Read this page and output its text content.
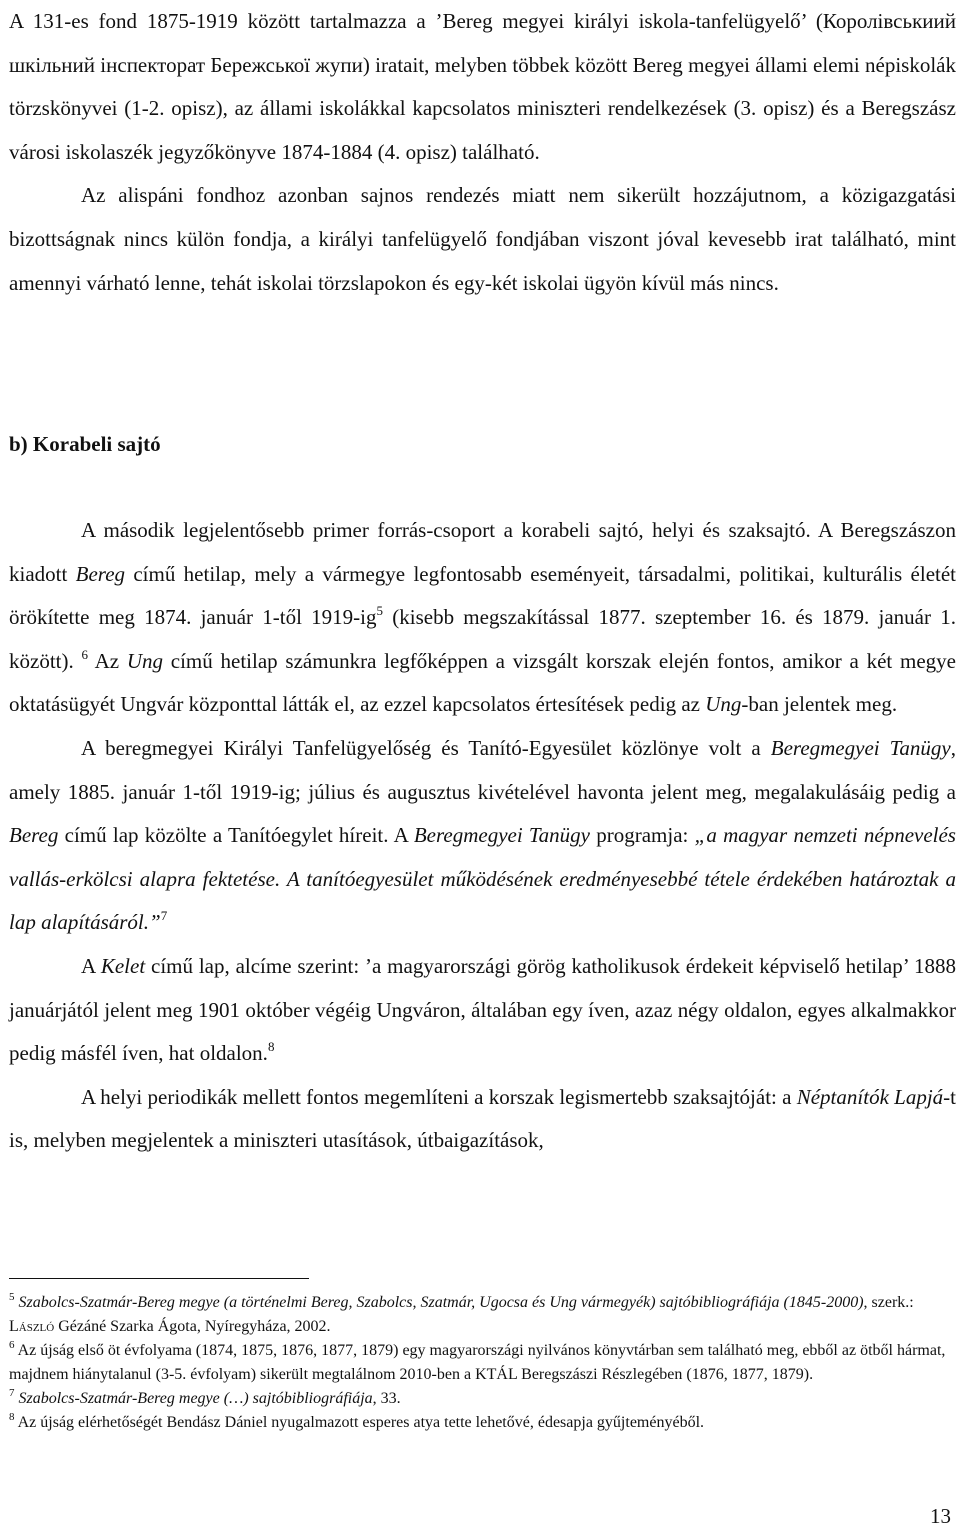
A 131-es fond 1875-1919 között tartalmazza a ’Bereg megyei királyi iskola-tanfelügyelő’ (Королівськиий шкільний інспекторат Бережської жупи) iratait, melyben többek között Bereg megyei állami elemi népiskolák törzskönyvei (1-2. opisz), az állami iskolákkal kapcsolatos miniszteri rendelkezések (3. opisz) és a Beregszász városi iskolaszék jegyzőkönyve 1874-1884 (4. opisz) található.
Az alispáni fondhoz azonban sajnos rendezés miatt nem sikerült hozzájutnom, a közigazgatási bizottságnak nincs külön fondja, a királyi tanfelügyelő fondjában viszont jóval kevesebb irat található, mint amennyi várható lenne, tehát iskolai törzslapokon és egy-két iskolai ügyön kívül más nincs.

b) Korabeli sajtó

A második legjelentősebb primer forrás-csoport a korabeli sajtó, helyi és szaksajtó. A Beregszászon kiadott Bereg című hetilap, mely a vármegye legfontosabb eseményeit, társadalmi, politikai, kulturális életét örökítette meg 1874. január 1-től $1919-ig^5$ (kisebb megszakítással 1877. szeptember 16. és 1879. január 1. között). $^6$ Az Ung című hetilap számunkra legfőképpen a vizsgált korszak elején fontos, amikor a két megye oktatásügyét Ungvár központtal látták el, az ezzel kapcsolatos értesítések pedig az Ung-ban jelentek meg.
A beregmegyei Királyi Tanfelügyelőség és Tanító-Egyesület közlönye volt a Beregmegyei Tanügy, amely 1885. január 1-től 1919-ig; július és augusztus kivételével havonta jelent meg, megalakulásáig pedig a Bereg című lap közölte a Tanítóegylet híreit. A Beregmegyei Tanügy programja: „a magyar nemzeti népnevelés vallás-erkölcsi alapra fektetése. A tanítóegyesület működésének eredményesebbé tétele érdekében határoztak a lap alapításáról.”$^7$
A Kelet című lap, alcíme szerint: ’a magyarországi görög katholikusok érdekeit képviselő hetilap’ 1888 januárjától jelent meg 1901 október végéig Ungváron, általában egy íven, azaz négy oldalon, egyes alkalmakkor pedig másfél íven, hat oldalon.$^8$
A helyi periodikák mellett fontos megemlíteni a korszak legismertebb szaksajtóját: a Néptanítók Lapjá-t is, melyben megjelentek a miniszteri utasítások, útbaigazítások,

$^5$ Szabolcs-Szatmár-Bereg megye (a történelmi Bereg, Szabolcs, Szatmár, Ugocsa és Ung vármegyék) sajtóbibliográfiája (1845-2000), szerk.: László Gézáné Szarka Ágota, Nyíregyháza, 2002.

$^6$ Az újság első öt évfolyama (1874, 1875, 1876, 1877, 1879) egy magyarországi nyilvános könyvtárban sem található meg, ebből az ötből hármat, majdnem hiánytalanul (3-5. évfolyam) sikerült megtalálnom 2010-ben a KTÁL Beregszászi Részlegében (1876, 1877, 1879).

$^7$ Szabolcs-Szatmár-Bereg megye (…) sajtóbibliográfiája, 33.

$^8$ Az újság elérhetőségét Bendász Dániel nyugalmazott esperes atya tette lehetővé, édesapja gyűjteményéből.

13
